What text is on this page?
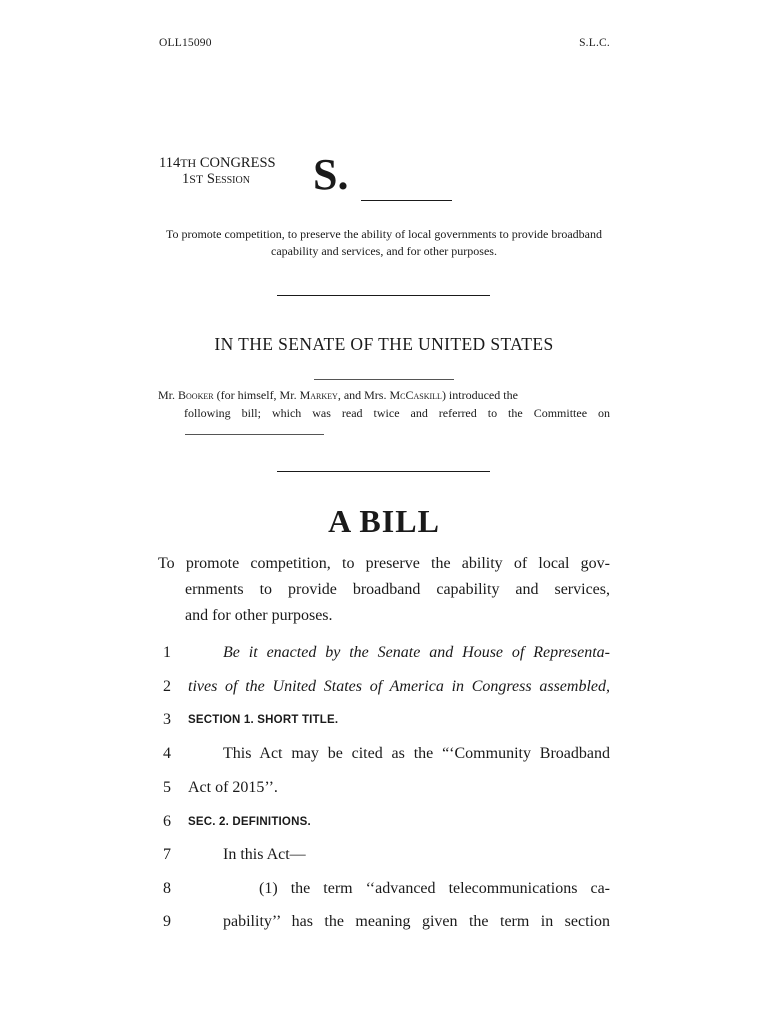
OLL15090	S.L.C.
114TH CONGRESS
1ST Session	S.
To promote competition, to preserve the ability of local governments to provide broadband capability and services, and for other purposes.
IN THE SENATE OF THE UNITED STATES
Mr. Booker (for himself, Mr. Markey, and Mrs. McCaskill) introduced the
following bill; which was read twice and referred to the Committee on
A BILL
To promote competition, to preserve the ability of local gov-
ernments to provide broadband capability and services,
and for other purposes.
1	Be it enacted by the Senate and House of Representa-
2	tives of the United States of America in Congress assembled,
3	SECTION 1. SHORT TITLE.
4	This Act may be cited as the “‘Community Broadband
5	Act of 2015’’.
6	SEC. 2. DEFINITIONS.
7	In this Act—
8	(1) the term ‘‘advanced telecommunications ca-
9	pability’’ has the meaning given the term in section
